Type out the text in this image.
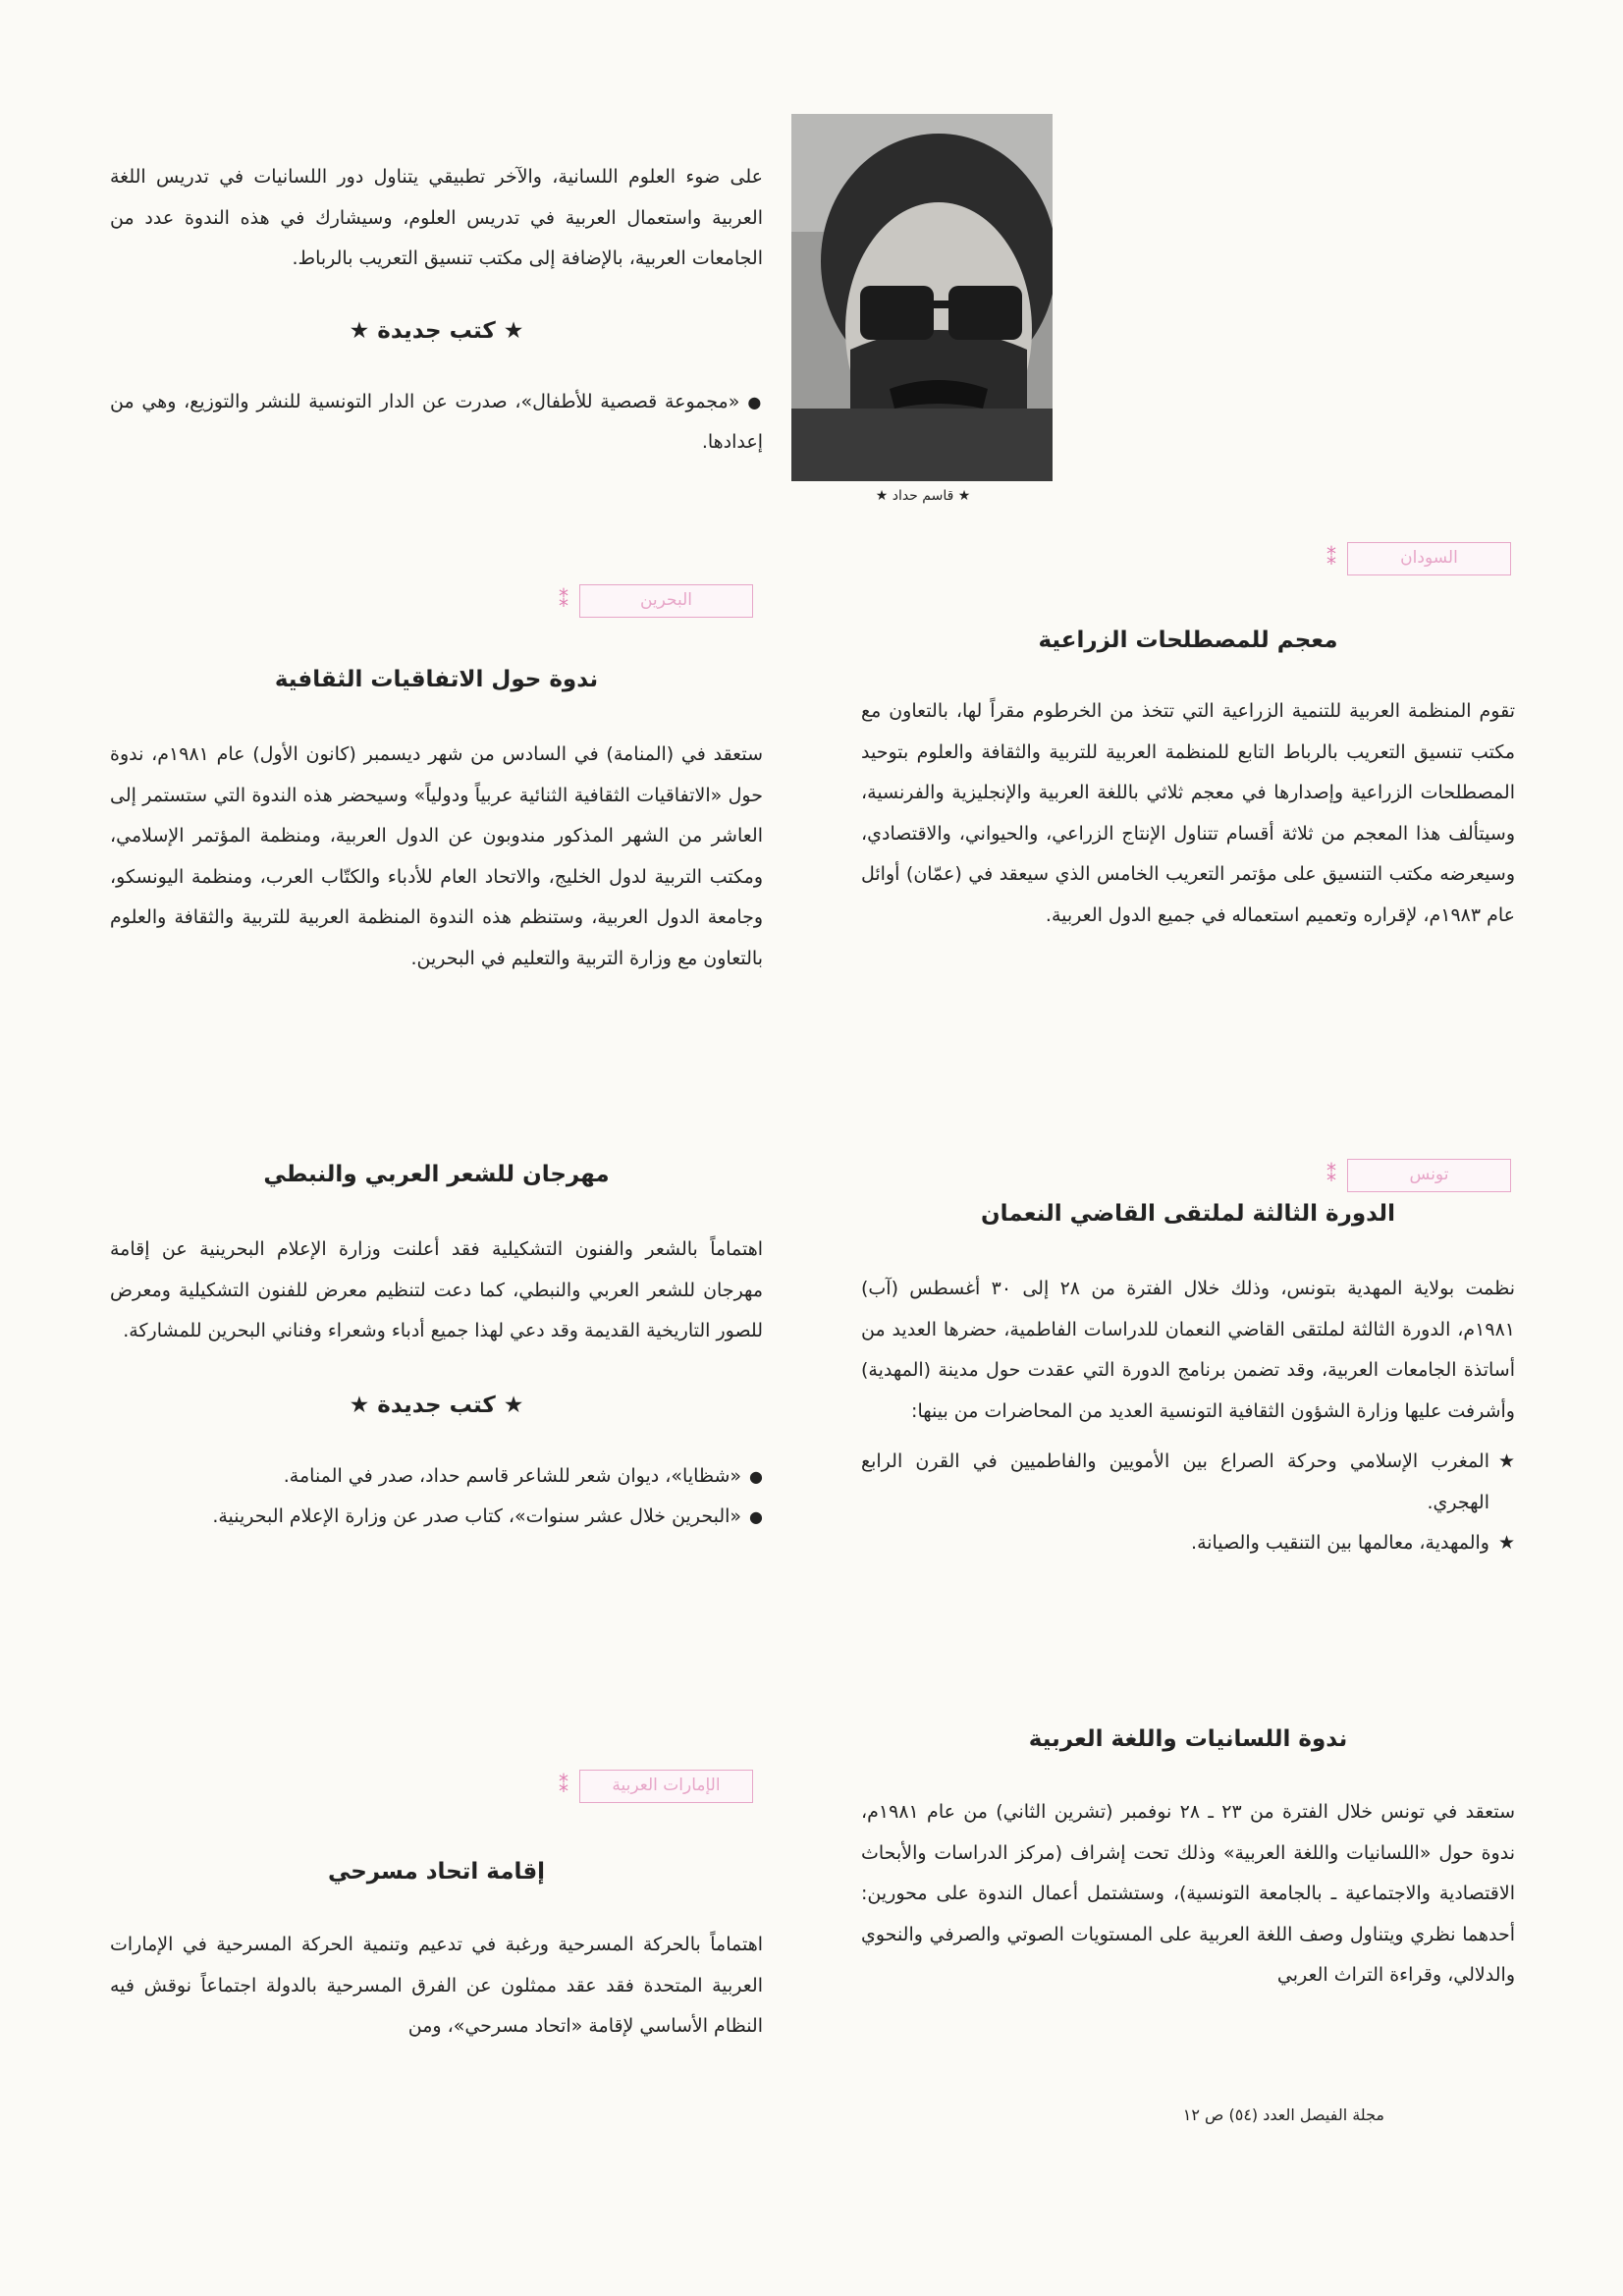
★ قاسم حداد ★
⁑	السودان
معجم للمصطلحات الزراعية

تقوم المنظمة العربية للتنمية الزراعية التي تتخذ من الخرطوم مقراً لها، بالتعاون مع مكتب تنسيق التعريب بالرباط التابع للمنظمة العربية للتربية والثقافة والعلوم بتوحيد المصطلحات الزراعية وإصدارها في معجم ثلاثي باللغة العربية والإنجليزية والفرنسية، وسيتألف هذا المعجم من ثلاثة أقسام تتناول الإنتاج الزراعي، والحيواني، والاقتصادي، وسيعرضه مكتب التنسيق على مؤتمر التعريب الخامس الذي سيعقد في (عمّان) أوائل عام ١٩٨٣م، لإقراره وتعميم استعماله في جميع الدول العربية.

⁑	تونس
الدورة الثالثة لملتقى القاضي النعمان

نظمت بولاية المهدية بتونس، وذلك خلال الفترة من ٢٨ إلى ٣٠ أغسطس (آب) ١٩٨١م، الدورة الثالثة لملتقى القاضي النعمان للدراسات الفاطمية، حضرها العديد من أساتذة الجامعات العربية، وقد تضمن برنامج الدورة التي عقدت حول مدينة (المهدية) وأشرفت عليها وزارة الشؤون الثقافية التونسية العديد من المحاضرات من بينها:

★
المغرب الإسلامي وحركة الصراع بين الأمويين والفاطميين في القرن الرابع الهجري.

★
والمهدية، معالمها بين التنقيب والصيانة.

ندوة اللسانيات واللغة العربية

ستعقد في تونس خلال الفترة من ٢٣ ـ ٢٨ نوفمبر (تشرين الثاني) من عام ١٩٨١م، ندوة حول «اللسانيات واللغة العربية» وذلك تحت إشراف (مركز الدراسات والأبحاث الاقتصادية والاجتماعية ـ بالجامعة التونسية)، وستشتمل أعمال الندوة على محورين: أحدهما نظري ويتناول وصف اللغة العربية على المستويات الصوتي والصرفي والنحوي والدلالي، وقراءة التراث العربي

على ضوء العلوم اللسانية، والآخر تطبيقي يتناول دور اللسانيات في تدريس اللغة العربية واستعمال العربية في تدريس العلوم، وسيشارك في هذه الندوة عدد من الجامعات العربية، بالإضافة إلى مكتب تنسيق التعريب بالرباط.

★ كتب جديدة ★

●«مجموعة قصصية للأطفال»، صدرت عن الدار التونسية للنشر والتوزيع، وهي من إعدادها.

⁑	البحرين
ندوة حول الاتفاقيات الثقافية

ستعقد في (المنامة) في السادس من شهر ديسمبر (كانون الأول) عام ١٩٨١م، ندوة حول «الاتفاقيات الثقافية الثنائية عربياً ودولياً» وسيحضر هذه الندوة التي ستستمر إلى العاشر من الشهر المذكور مندوبون عن الدول العربية، ومنظمة المؤتمر الإسلامي، ومكتب التربية لدول الخليج، والاتحاد العام للأدباء والكتّاب العرب، ومنظمة اليونسكو، وجامعة الدول العربية، وستنظم هذه الندوة المنظمة العربية للتربية والثقافة والعلوم بالتعاون مع وزارة التربية والتعليم في البحرين.

مهرجان للشعر العربي والنبطي

اهتماماً بالشعر والفنون التشكيلية فقد أعلنت وزارة الإعلام البحرينية عن إقامة مهرجان للشعر العربي والنبطي، كما دعت لتنظيم معرض للفنون التشكيلية ومعرض للصور التاريخية القديمة وقد دعي لهذا جميع أدباء وشعراء وفناني البحرين للمشاركة.

★ كتب جديدة ★

●«شظايا»، ديوان شعر للشاعر قاسم حداد، صدر في المنامة.

●«البحرين خلال عشر سنوات»، كتاب صدر عن وزارة الإعلام البحرينية.

⁑ الإمارات العربية
إقامة اتحاد مسرحي

اهتماماً بالحركة المسرحية ورغبة في تدعيم وتنمية الحركة المسرحية في الإمارات العربية المتحدة فقد عقد ممثلون عن الفرق المسرحية بالدولة اجتماعاً نوقش فيه النظام الأساسي لإقامة «اتحاد مسرحي»، ومن

مجلة الفيصل العدد (٥٤) ص ١٢
